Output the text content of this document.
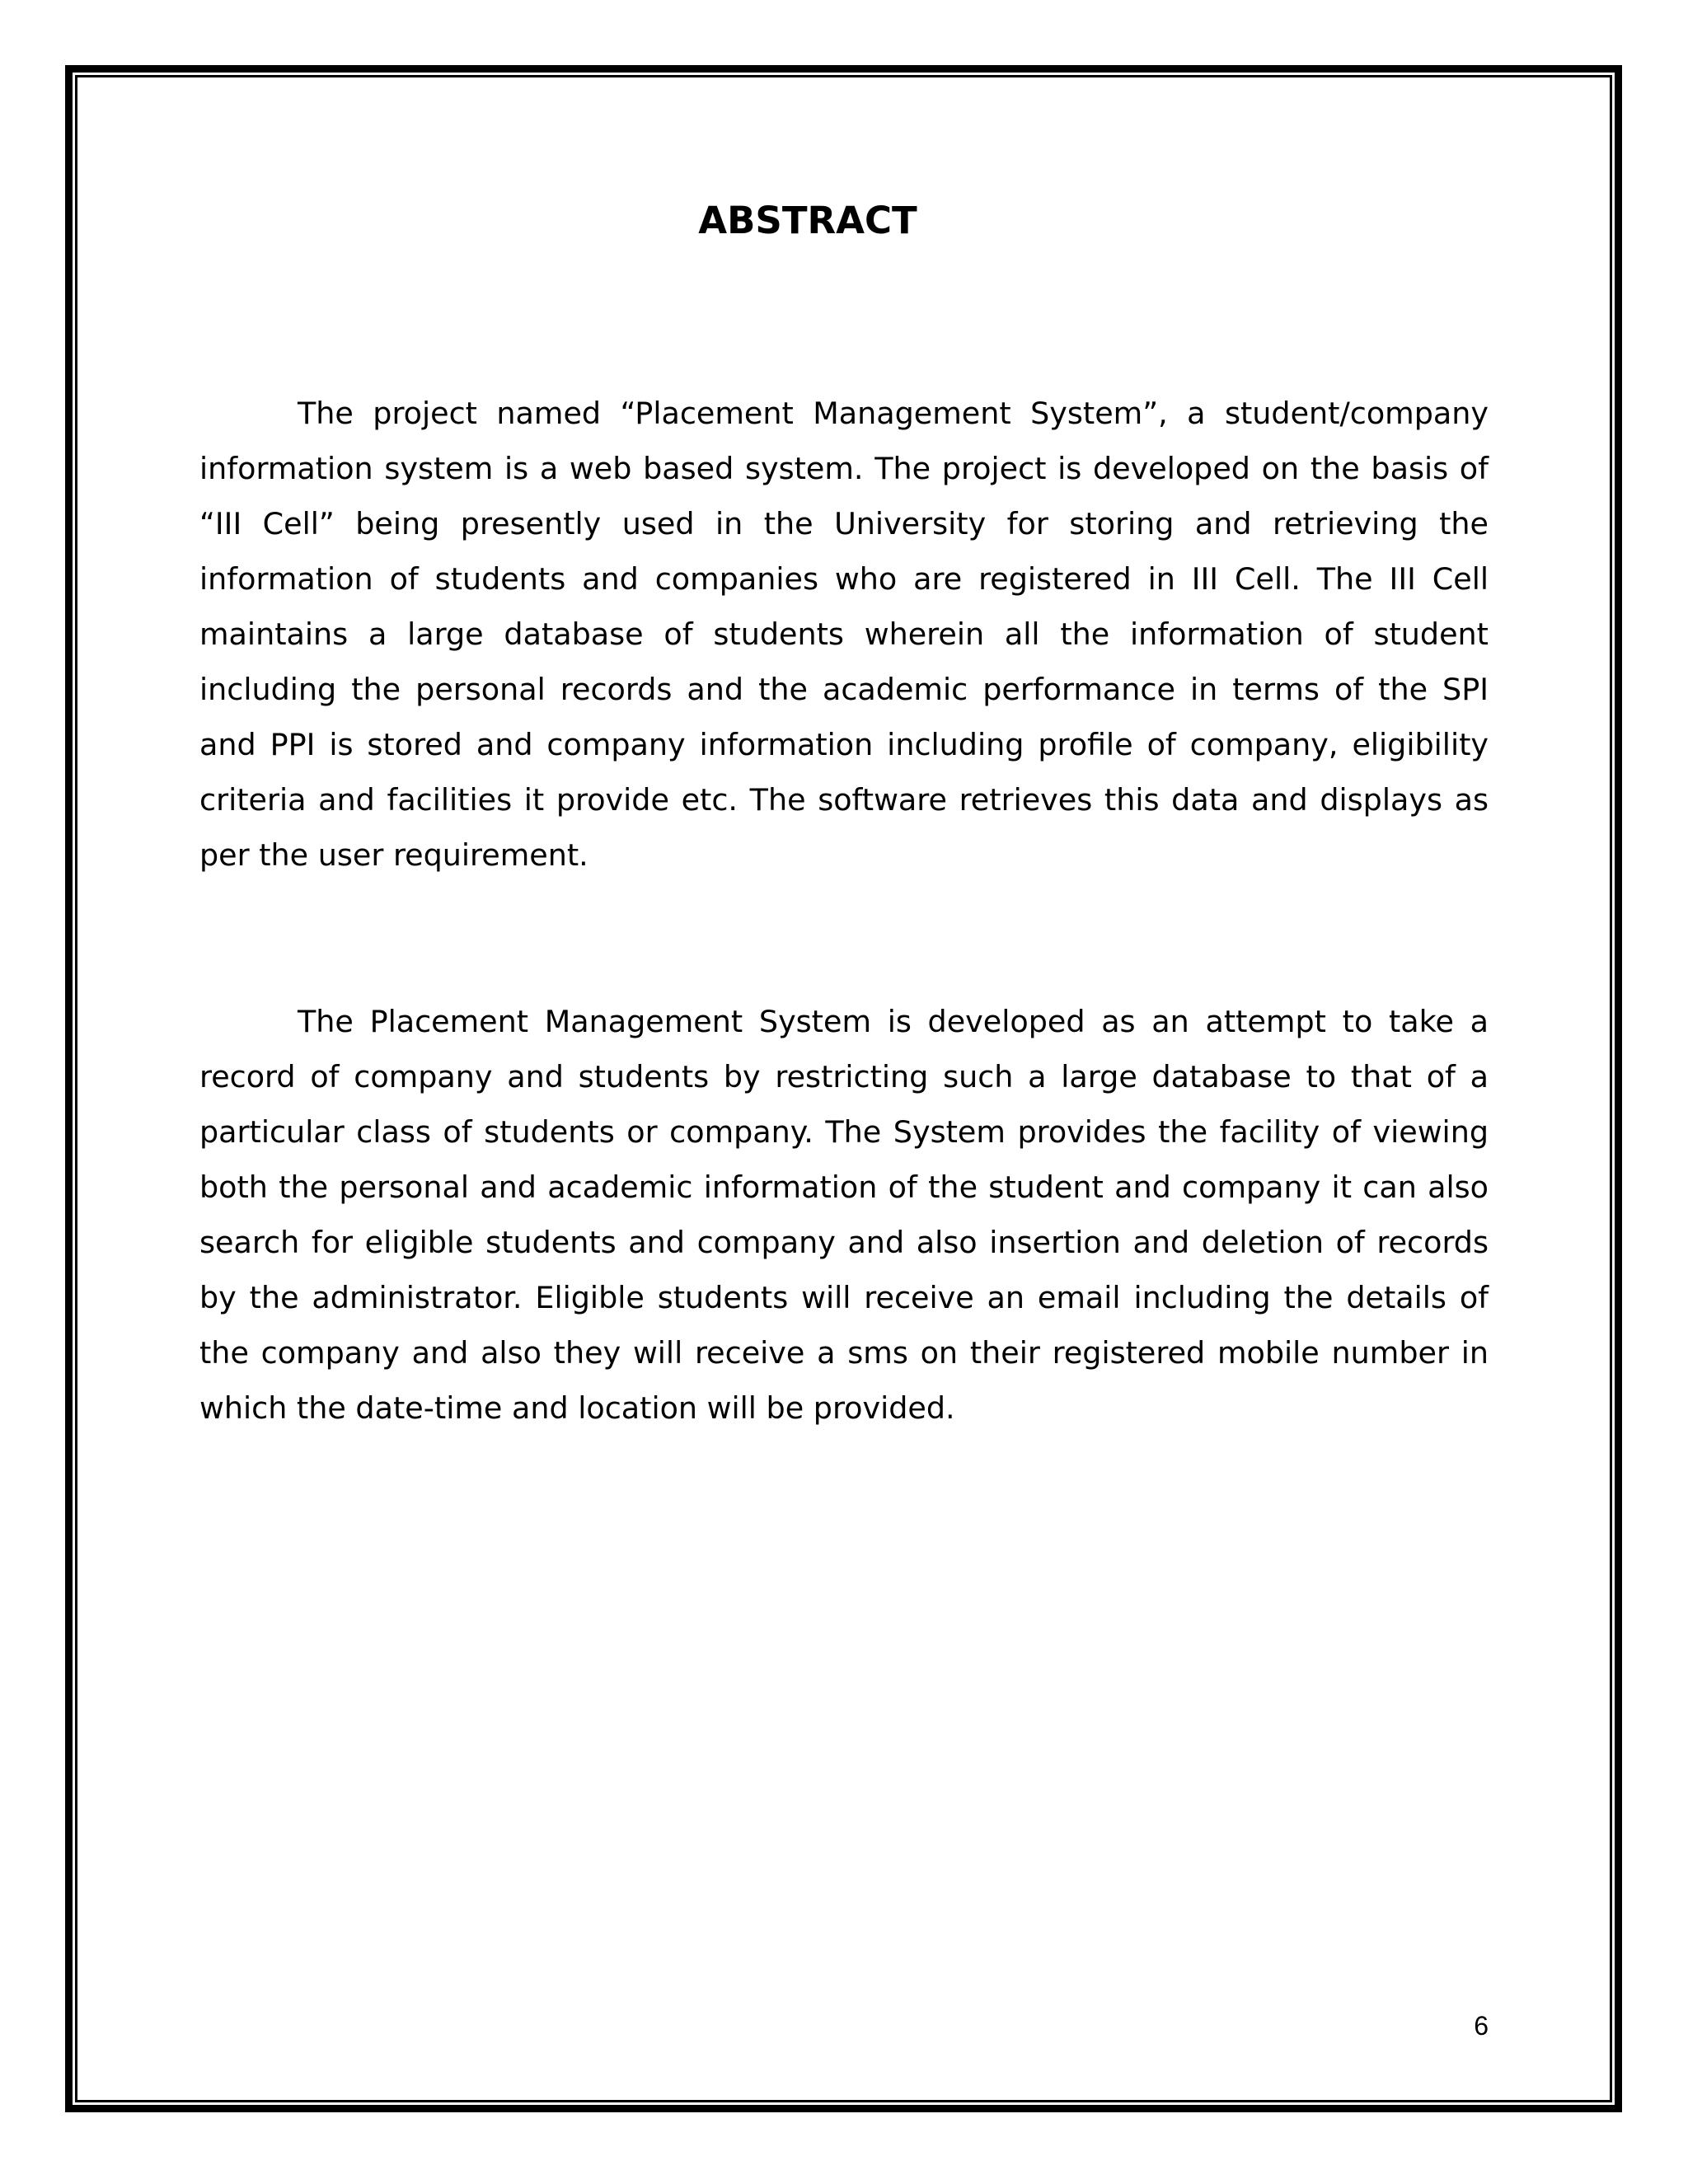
ABSTRACT

The project named “Placement Management System”, a student/company information system is a web based system. The project is developed on the basis of “III Cell” being presently used in the University for storing and retrieving the information of students and companies who are registered in III Cell. The III Cell maintains a large database of students wherein all the information of student including the personal records and the academic performance in terms of the SPI and PPI is stored and company information including profile of company, eligibility criteria and facilities it provide etc. The software retrieves this data and displays as per the user requirement.

The Placement Management System is developed as an attempt to take a record of company and students by restricting such a large database to that of a particular class of students or company. The System provides the facility of viewing both the personal and academic information of the student and company it can also search for eligible students and company and also insertion and deletion of records by the administrator. Eligible students will receive an email including the details of the company and also they will receive a sms on their registered mobile number in which the date-time and location will be provided.

6
